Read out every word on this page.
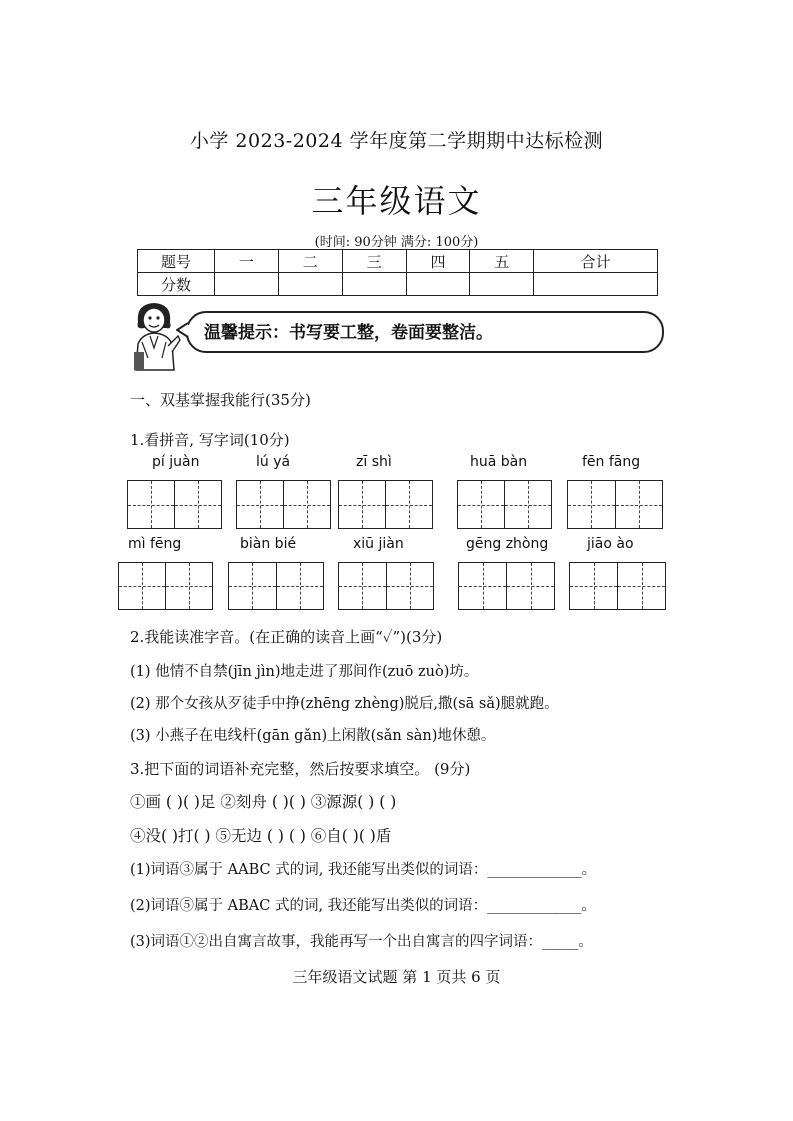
小学 2023-2024 学年度第二学期期中达标检测
三年级语文
(时间: 90分钟 满分: 100分)
题号	一	二	三	四	五	合计
分数						
温馨提示：书写要工整，卷面要整洁。
一、双基掌握我能行(35分)
1.看拼音, 写字词(10分)
pí juàn	lú yá	zī shì	huā bàn	fēn fāng
mì fēng	biàn bié	xiū jiàn	gēng zhòng	jiāo ào
2.我能读准字音。(在正确的读音上画“✓”)(3分)
(1) 他情不自禁(jīn jìn)地走进了那间作(zuō zuò)坊。
(2) 那个女孩从歹徒手中挣(zhēng zhèng)脱后,撒(sā sǎ)腿就跑。
(3) 小燕子在电线杆(gān gǎn)上闲散(sǎn sàn)地休憩。
3.把下面的词语补充完整，然后按要求填空。 (9分)
①画 ( )( )足 ②刻舟 ( )( ) ③源源( ) ( )
④没( )打( ) ⑤无边 ( ) ( ) ⑥自( )( )盾
(1)词语③属于 AABC 式的词, 我还能写出类似的词语：_____________。
(2)词语⑤属于 ABAC 式的词, 我还能写出类似的词语：_____________。
(3)词语①②出自寓言故事，我能再写一个出自寓言的四字词语：_____。
三年级语文试题 第 1 页共 6 页
